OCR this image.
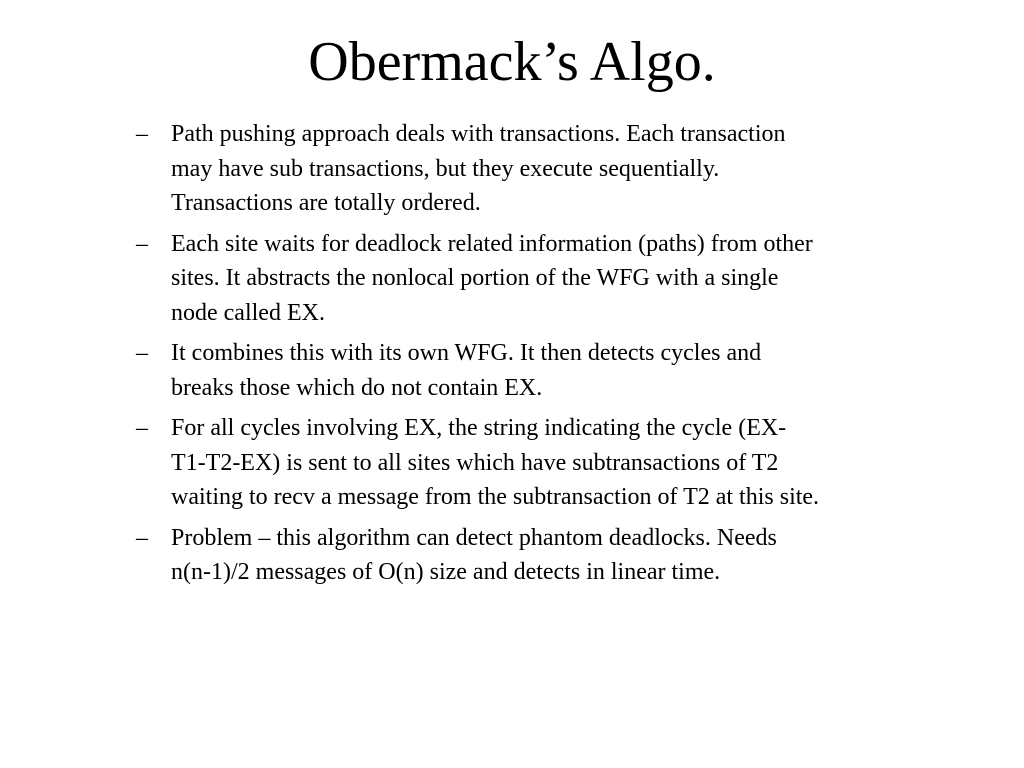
Obermack’s Algo.
– Path pushing approach deals with transactions. Each transaction
may have sub transactions, but they execute sequentially.
Transactions are totally ordered.
– Each site waits for deadlock related information (paths) from other
sites. It abstracts the nonlocal portion of the WFG with a single
node called EX.
– It combines this with its own WFG. It then detects cycles and
breaks those which do not contain EX.
– For all cycles involving EX, the string indicating the cycle (EX-
T1-T2-EX) is sent to all sites which have subtransactions of T2
waiting to recv a message from the subtransaction of T2 at this site.
– Problem – this algorithm can detect phantom deadlocks. Needs
n(n-1)/2 messages of O(n) size and detects in linear time.
